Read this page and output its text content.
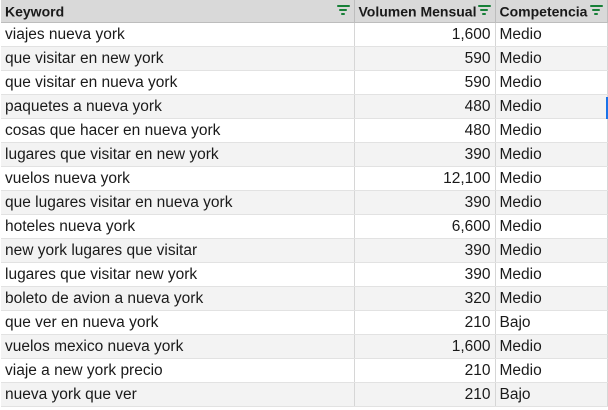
Keyword	Volumen Mensual	Competencia

viajes nueva york	1,600	Medio
que visitar en new york	590	Medio
que visitar en nueva york	590	Medio
paquetes a nueva york	480	Medio
cosas que hacer en nueva york	480	Medio
lugares que visitar en new york	390	Medio
vuelos nueva york	12,100	Medio
que lugares visitar en nueva york	390	Medio
hoteles nueva york	6,600	Medio
new york lugares que visitar	390	Medio
lugares que visitar new york	390	Medio
boleto de avion a nueva york	320	Medio
que ver en nueva york	210	Bajo
vuelos mexico nueva york	1,600	Medio
viaje a new york precio	210	Medio
nueva york que ver	210	Bajo
